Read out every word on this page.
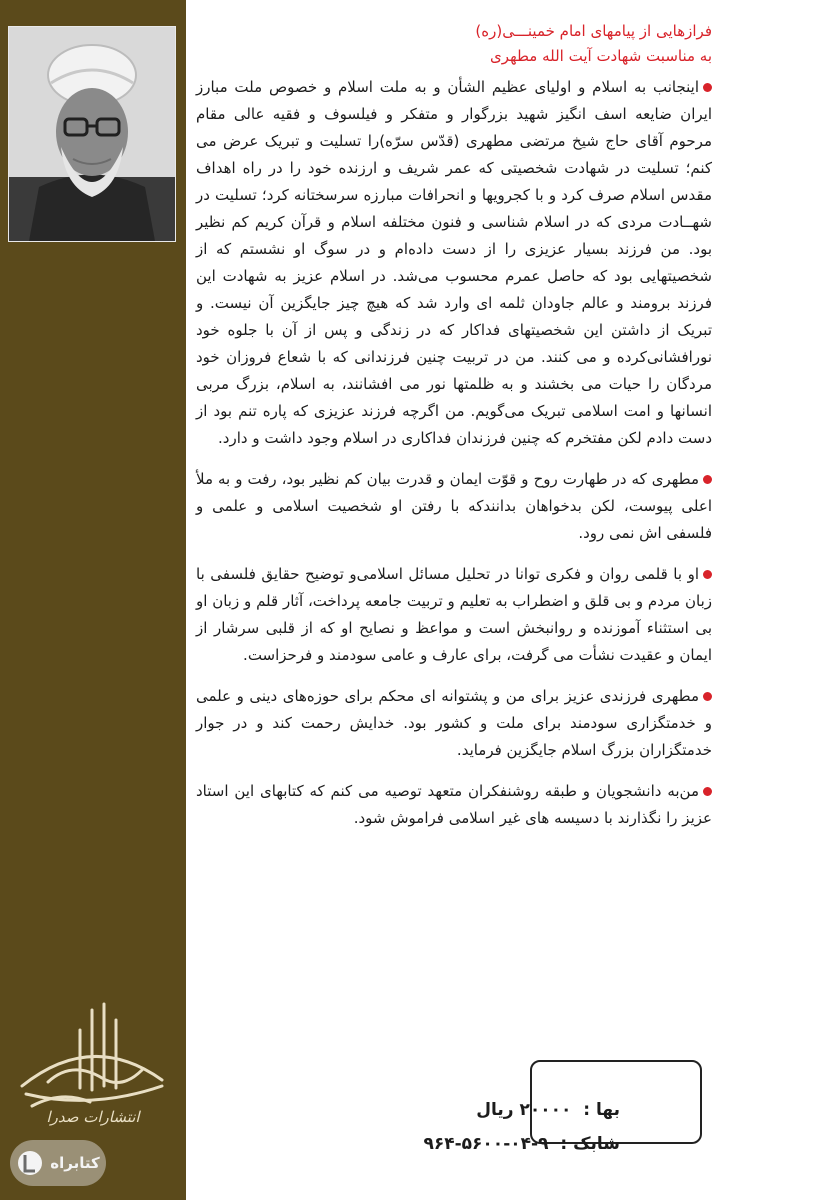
انتشارات صدرا
کتابراه
فرازهایی از پیامهای امام خمینـــی(ره)
به مناسبت شهادت آیت الله مطهری

اینجانب به اسلام و اولیای عظیم الشأن و به ملت اسلام و خصوص ملت مبارز ایران ضایعه اسف انگیز شهید بزرگوار و متفکر و فیلسوف و فقیه عالی مقام مرحوم آقای حاج شیخ مرتضی مطهری (قدّس سرّه)را تسلیت و تبریک عرض می کنم؛ تسلیت در شهادت شخصیتی که عمر شریف و ارزنده خود را در راه اهداف مقدس اسلام صرف کرد و با کجرویها و انحرافات مبارزه سرسختانه کرد؛ تسلیت در شهــادت مردی که در اسلام شناسی و فنون مختلفه اسلام و قرآن کریم کم نظیر بود. من فرزند بسیار عزیزی را از دست داده‌ام و در سوگ او نشستم که از شخصیتهایی بود که حاصل عمرم محسوب می‌شد. در اسلام عزیز به شهادت این فرزند برومند و عالم جاودان ثلمه ای وارد شد که هیچ چیز جایگزین آن نیست. و تبریک از داشتن این شخصیتهای فداکار که در زندگی و پس از آن با جلوه خود نورافشانی‌کرده و می کنند. من در تربیت چنین فرزندانی که با شعاع فروزان خود مردگان را حیات می بخشند و به ظلمتها نور می افشانند، به اسلام، بزرگ مربی انسانها و امت اسلامی تبریک می‌گویم. من اگرچه فرزند عزیزی که پاره تنم بود از دست دادم لکن مفتخرم که چنین فرزندان فداکاری در اسلام وجود داشت و دارد.

مطهری که در طهارت روح و قوّت ایمان و قدرت بیان کم نظیر بود، رفت و به ملأ اعلی پیوست، لکن بدخواهان بدانندکه با رفتن او شخصیت اسلامی و علمی و فلسفی اش نمی رود.

او با قلمی روان و فکری توانا در تحلیل مسائل اسلامی‌و توضیح حقایق فلسفی با زبان مردم و بی قلق و اضطراب به تعلیم و تربیت جامعه پرداخت، آثار قلم و زبان او بی استثناء آموزنده و روانبخش است و مواعظ و نصایح او که از قلبی سرشار از ایمان و عقیدت نشأت می گرفت، برای عارف و عامی سودمند و فرحزاست.

مطهری فرزندی عزیز برای من و پشتوانه ای محکم برای حوزه‌های دینی و علمی و خدمتگزاری سودمند برای ملت و کشور بود. خدایش رحمت کند و در جوار خدمتگزاران بزرگ اسلام جایگزین فرماید.

من‌به دانشجویان و طبقه روشنفکران متعهد توصیه می کنم که کتابهای این استاد عزیز را نگذارند با دسیسه های غیر اسلامی فراموش شود.

بها : ۲۰۰۰۰ ریال
شابک : ۹-۰۴-۵۶۰۰-۹۶۴
